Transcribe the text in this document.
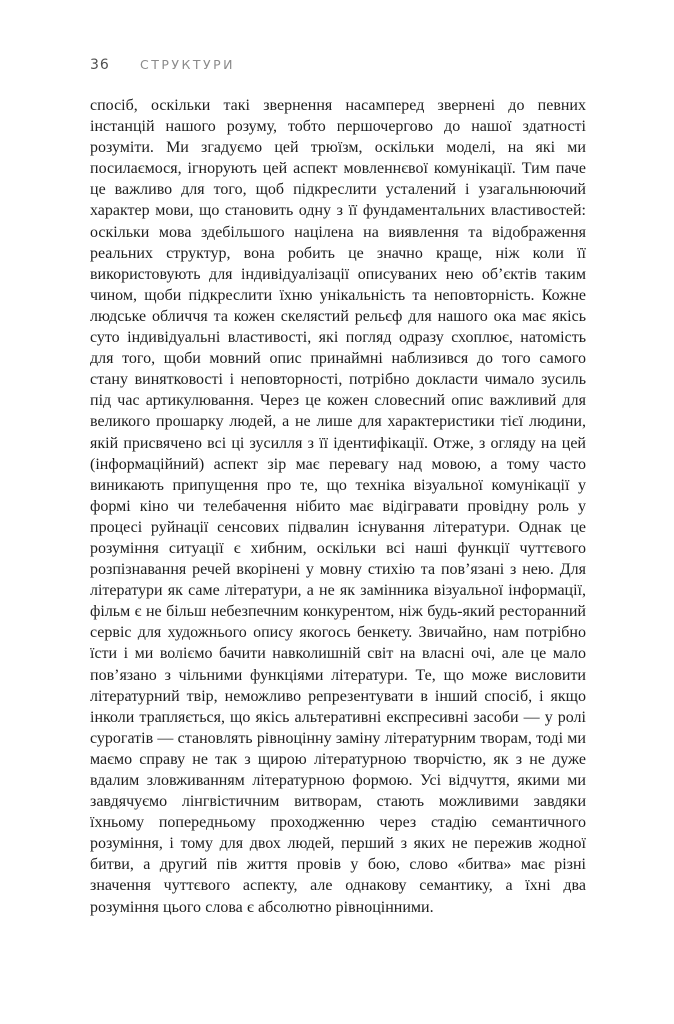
36	СТРУКТУРИ

спосіб, оскільки такі звернення насамперед звернені до певних інстанцій нашого розуму, тобто першочергово до нашої здатності розуміти. Ми згадуємо цей трюїзм, оскільки моделі, на які ми посилаємося, ігнорують цей аспект мовленнєвої комунікації. Тим паче це важливо для того, щоб підкреслити усталений і узагальнюючий характер мови, що становить одну з її фундаментальних властивостей: оскільки мова здебільшого націлена на виявлення та відображення реальних структур, вона робить це значно краще, ніж коли її використовують для індивідуалізації описуваних нею об’єктів таким чином, щоби підкреслити їхню унікальність та неповторність. Кожне людське обличчя та кожен скелястий рельєф для нашого ока має якісь суто індивідуальні властивості, які погляд одразу схоплює, натомість для того, щоби мовний опис принаймні наблизився до того самого стану винятковості і неповторності, потрібно докласти чимало зусиль під час артикулювання. Через це кожен словесний опис важливий для великого прошарку людей, а не лише для характеристики тієї людини, якій присвячено всі ці зусилля з її ідентифікації. Отже, з огляду на цей (інформаційний) аспект зір має перевагу над мовою, а тому часто виникають припущення про те, що техніка візуальної комунікації у формі кіно чи телебачення нібито має відігравати провідну роль у процесі руйнації сенсових підвалин існування літератури. Однак це розуміння ситуації є хибним, оскільки всі наші функції чуттєвого розпізнавання речей вкорінені у мовну стихію та пов’язані з нею. Для літератури як саме літератури, а не як замінника візуальної інформації, фільм є не більш небезпечним конкурентом, ніж будь-який ресторанний сервіс для художнього опису якогось бенкету. Звичайно, нам потрібно їсти і ми воліємо бачити навколишній світ на власні очі, але це мало пов’язано з чільними функціями літератури. Те, що може висловити літературний твір, неможливо репрезентувати в інший спосіб, і якщо інколи трапляється, що якісь альтеративні експресивні засоби — у ролі сурогатів — становлять рівноцінну заміну літературним творам, тоді ми маємо справу не так з щирою літературною творчістю, як з не дуже вдалим зловживанням літературною формою. Усі відчуття, якими ми завдячуємо лінгвістичним витворам, стають можливими завдяки їхньому попередньому проходженню через стадію семантичного розуміння, і тому для двох людей, перший з яких не пережив жодної битви, а другий пів життя провів у бою, слово «битва» має різні значення чуттєвого аспекту, але однакову семантику, а їхні два розуміння цього слова є абсолютно рівноцінними.
